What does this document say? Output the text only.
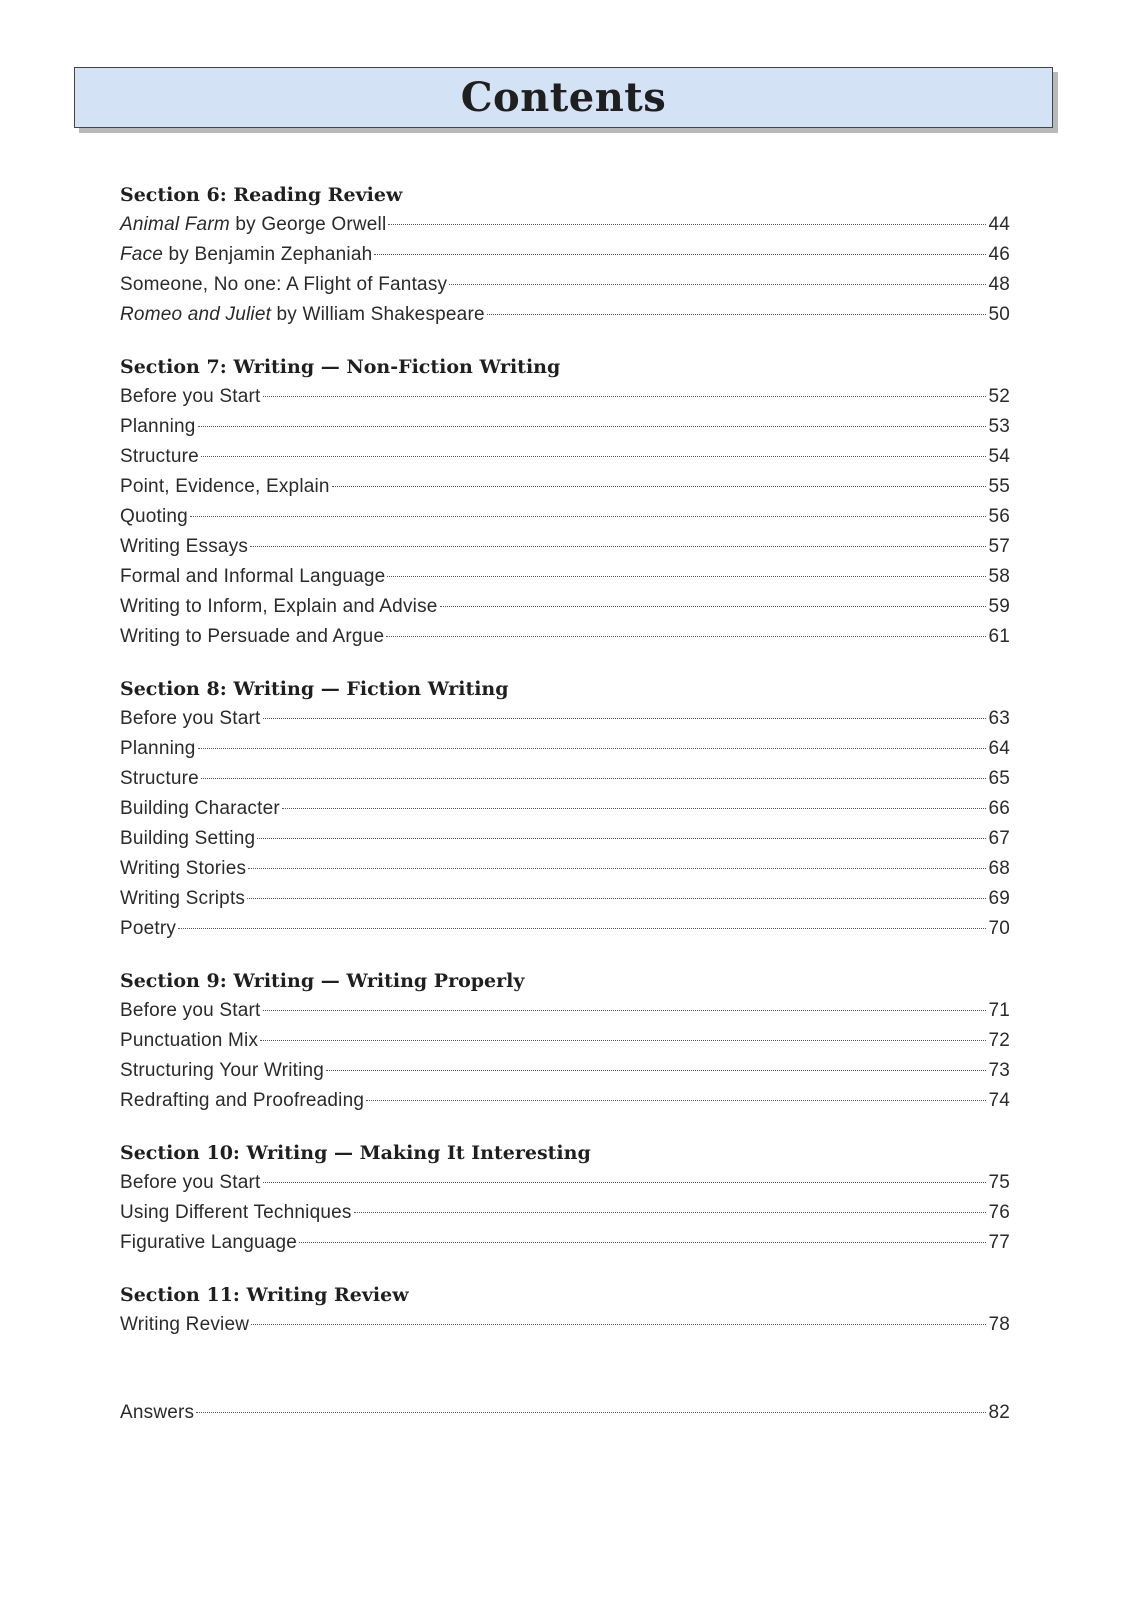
Contents
Section 6: Reading Review
Animal Farm by George Orwell	44
Face by Benjamin Zephaniah	46
Someone, No one: A Flight of Fantasy	48
Romeo and Juliet by William Shakespeare	50
Section 7: Writing — Non-Fiction Writing
Before you Start	52
Planning	53
Structure	54
Point, Evidence, Explain	55
Quoting	56
Writing Essays	57
Formal and Informal Language	58
Writing to Inform, Explain and Advise	59
Writing to Persuade and Argue	61
Section 8: Writing — Fiction Writing
Before you Start	63
Planning	64
Structure	65
Building Character	66
Building Setting	67
Writing Stories	68
Writing Scripts	69
Poetry	70
Section 9: Writing — Writing Properly
Before you Start	71
Punctuation Mix	72
Structuring Your Writing	73
Redrafting and Proofreading	74
Section 10: Writing — Making It Interesting
Before you Start	75
Using Different Techniques	76
Figurative Language	77
Section 11: Writing Review
Writing Review	78
Answers	82
